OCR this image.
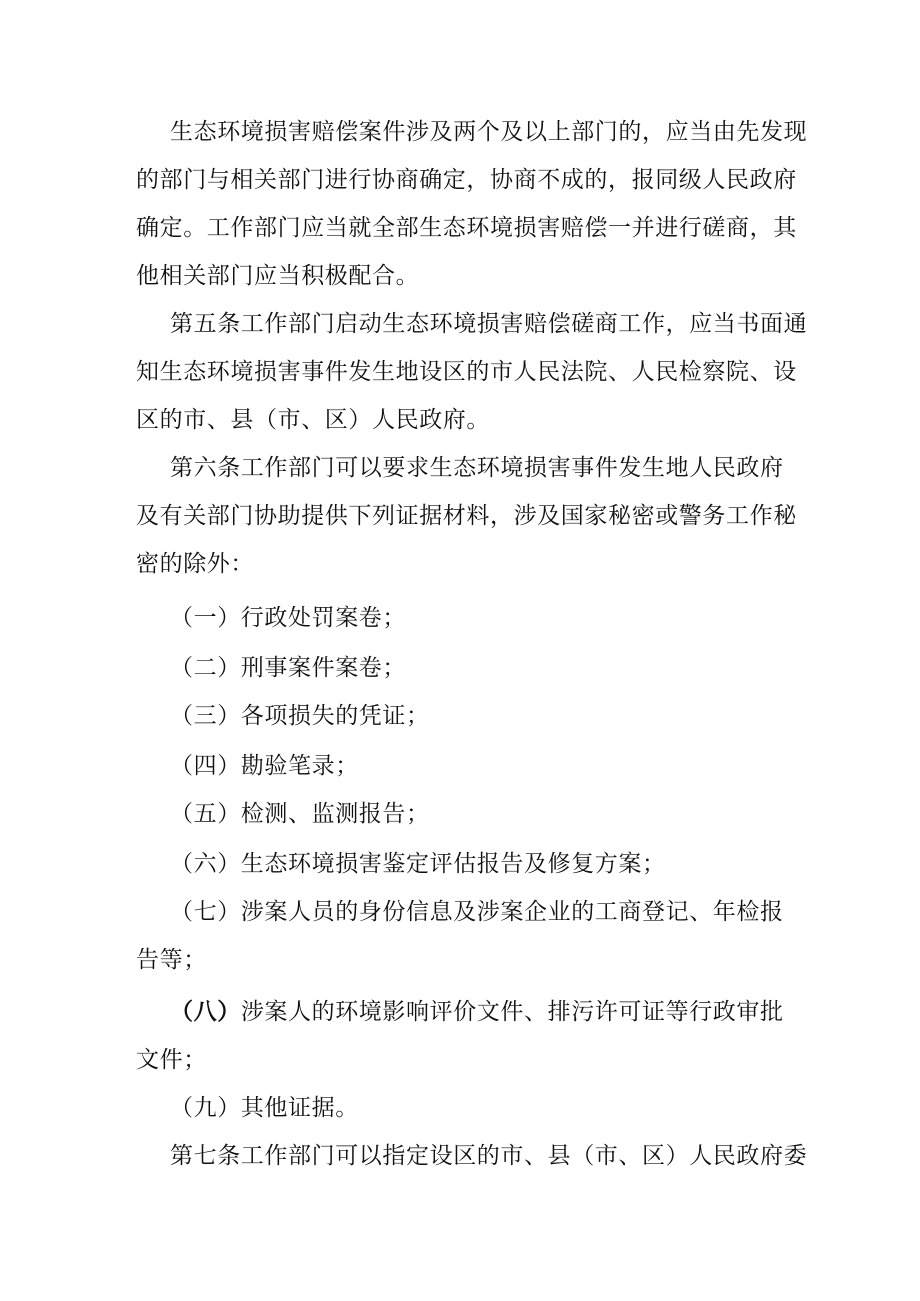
生态环境损害赔偿案件涉及两个及以上部门的，应当由先发现
的部门与相关部门进行协商确定，协商不成的，报同级人民政府
确定。工作部门应当就全部生态环境损害赔偿一并进行磋商，其
他相关部门应当积极配合。
第五条工作部门启动生态环境损害赔偿磋商工作，应当书面通
知生态环境损害事件发生地设区的市人民法院、人民检察院、设
区的市、县（市、区）人民政府。
第六条工作部门可以要求生态环境损害事件发生地人民政府
及有关部门协助提供下列证据材料，涉及国家秘密或警务工作秘
密的除外：
（一）行政处罚案卷；
（二）刑事案件案卷；
（三）各项损失的凭证；
（四）勘验笔录；
（五）检测、监测报告；
（六）生态环境损害鉴定评估报告及修复方案；
（七）涉案人员的身份信息及涉案企业的工商登记、年检报
告等；
（八）涉案人的环境影响评价文件、排污许可证等行政审批
文件；
（九）其他证据。
第七条工作部门可以指定设区的市、县（市、区）人民政府委
